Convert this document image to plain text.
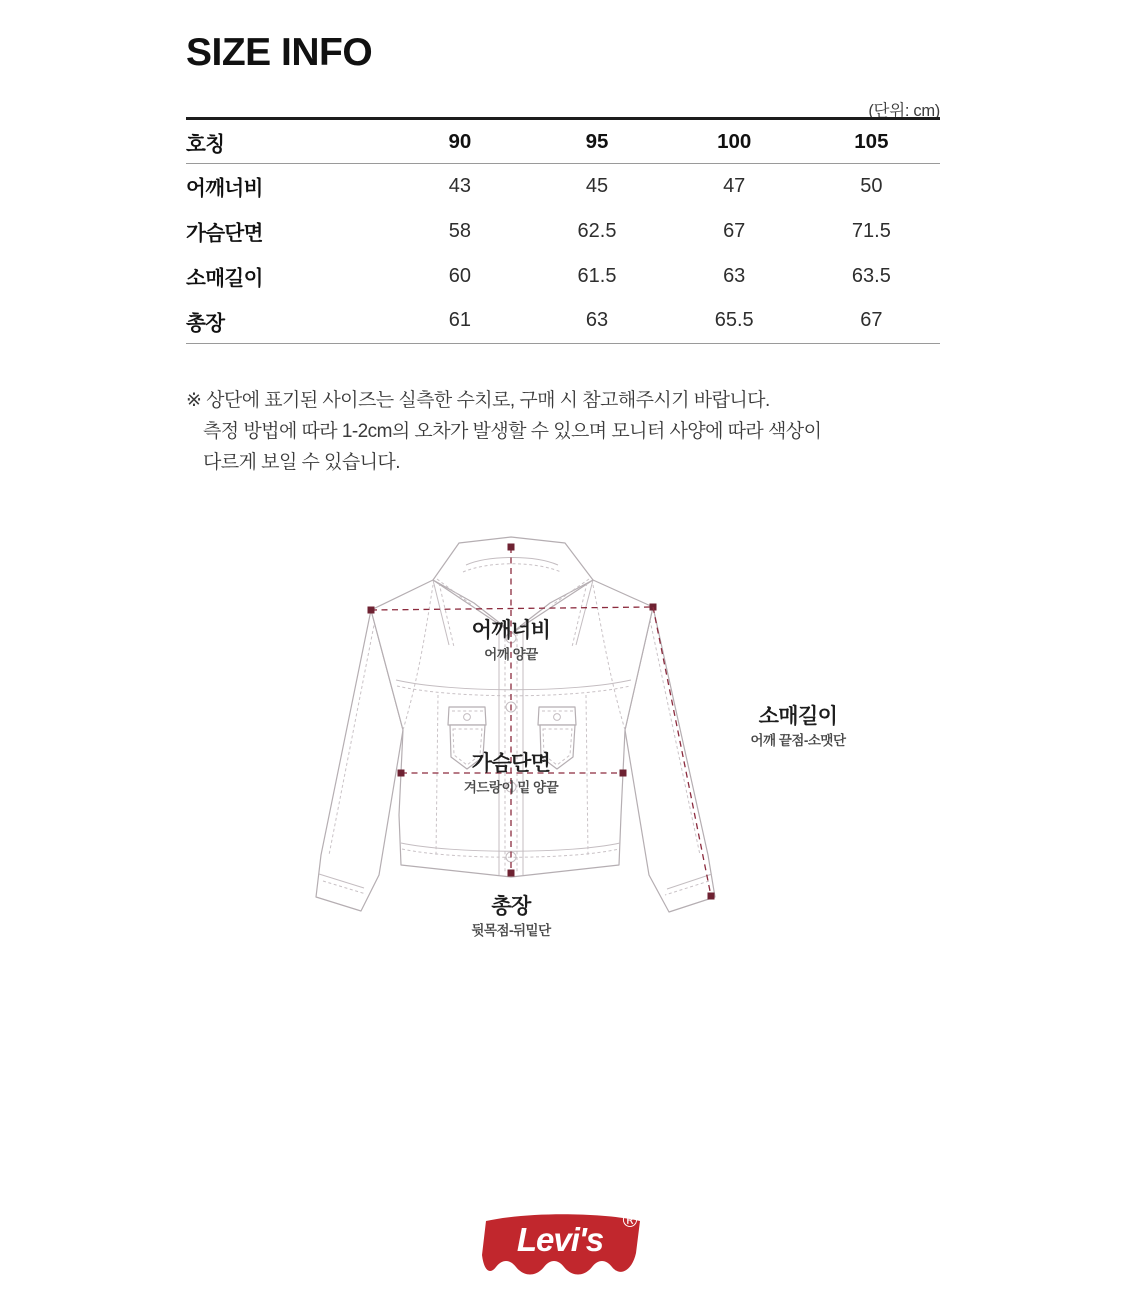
SIZE INFO
(단위: cm)
호칭	90	95	100	105
어깨너비	43	45	47	50
가슴단면	58	62.5	67	71.5
소매길이	60	61.5	63	63.5
총장	61	63	65.5	67
※ 상단에 표기된 사이즈는 실측한 수치로, 구매 시 참고해주시기 바랍니다.
측정 방법에 따라 1-2cm의 오차가 발생할 수 있으며 모니터 사양에 따라 색상이
다르게 보일 수 있습니다.
어깨너비
어깨 양끝
가슴단면
겨드랑이 밑 양끝
소매길이
어깨 끝점-소맷단
총장
뒷목점-뒤밑단
Levi's ®
